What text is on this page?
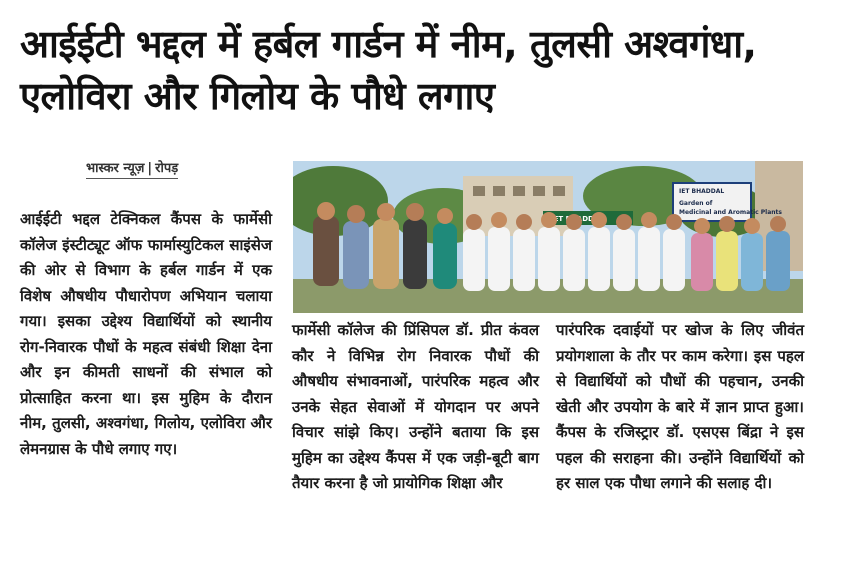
आईईटी भद्दल में हर्बल गार्डन में नीम, तुलसी अश्वगंधा, एलोविरा और गिलोय के पौधे लगाए
भास्कर न्यूज़ | रोपड़
आईईटी भद्दल टेक्निकल कैंपस के फार्मेसी कॉलेज इंस्टीट्यूट ऑफ फार्मास्युटिकल साइंसेज की ओर से विभाग के हर्बल गार्डन में एक विशेष औषधीय पौधारोपण अभियान चलाया गया। इसका उद्देश्य विद्यार्थियों को स्थानीय रोग-निवारक पौधों के महत्व संबंधी शिक्षा देना और इन कीमती साधनों की संभाल को प्रोत्साहित करना था। इस मुहिम के दौरान नीम, तुलसी, अश्वगंधा, गिलोय, एलोविरा और लेमनग्रास के पौधे लगाए गए।
IET BHADDAL
IET BHADDAL
Garden of
Medicinal and Aromatic Plants
फार्मेसी कॉलेज की प्रिंसिपल डॉ. प्रीत कंवल कौर ने विभिन्न रोग निवारक पौधों की औषधीय संभावनाओं, पारंपरिक महत्व और उनके सेहत सेवाओं में योगदान पर अपने विचार सांझे किए। उन्होंने बताया कि इस मुहिम का उद्देश्य कैंपस में एक जड़ी-बूटी बाग तैयार करना है जो प्रायोगिक शिक्षा और
पारंपरिक दवाईयों पर खोज के लिए जीवंत प्रयोगशाला के तौर पर काम करेगा। इस पहल से विद्यार्थियों को पौधों की पहचान, उनकी खेती और उपयोग के बारे में ज्ञान प्राप्त हुआ। कैंपस के रजिस्ट्रार डॉ. एसएस बिंद्रा ने इस पहल की सराहना की। उन्होंने विद्यार्थियों को हर साल एक पौधा लगाने की सलाह दी।
